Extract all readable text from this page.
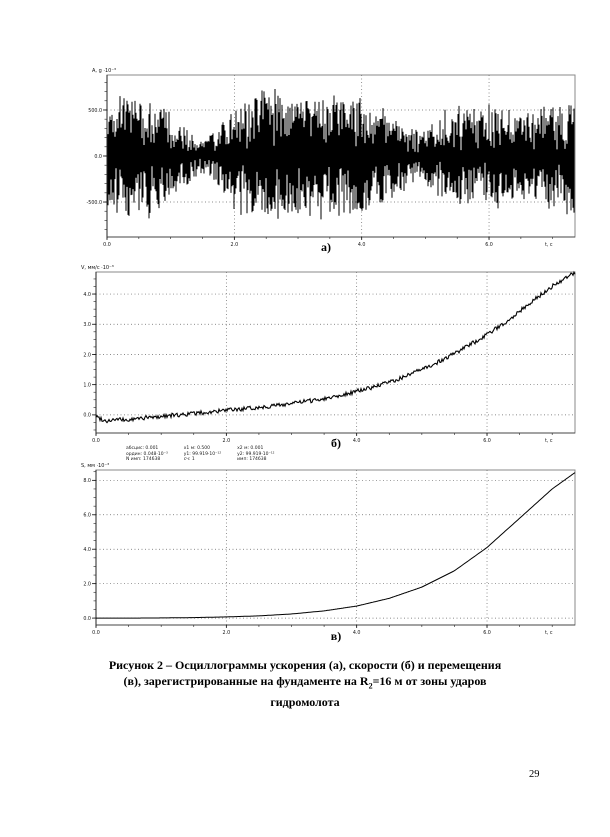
500.0
0.0
-500.0
0.0	2.0	4.0	6.0
A, g ·10⁻³
t, c
а)
4.0
3.0
2.0
1.0
0.0
0.0	2.0	4.0	6.0
V, мм/с ·10⁻³
t, c
б)
абсцис: 0.001
ордин: 0.048·10⁻³
N имп: 174638
x1 м: 0.500
y1: 99.919·10⁻¹²
сч: 1
x2 м: 0.001
y2: 99.919·10⁻¹²
имп: 174638
8.0
6.0
4.0
2.0
0.0
0.0	2.0	4.0	6.0
S, мм ·10⁻³
t, c
в)
Рисунок 2 – Осциллограммы ускорения (а), скорости (б) и перемещения
(в), зарегистрированные на фундаменте на $R_2=16$ м от зоны ударов
гидромолота
29
